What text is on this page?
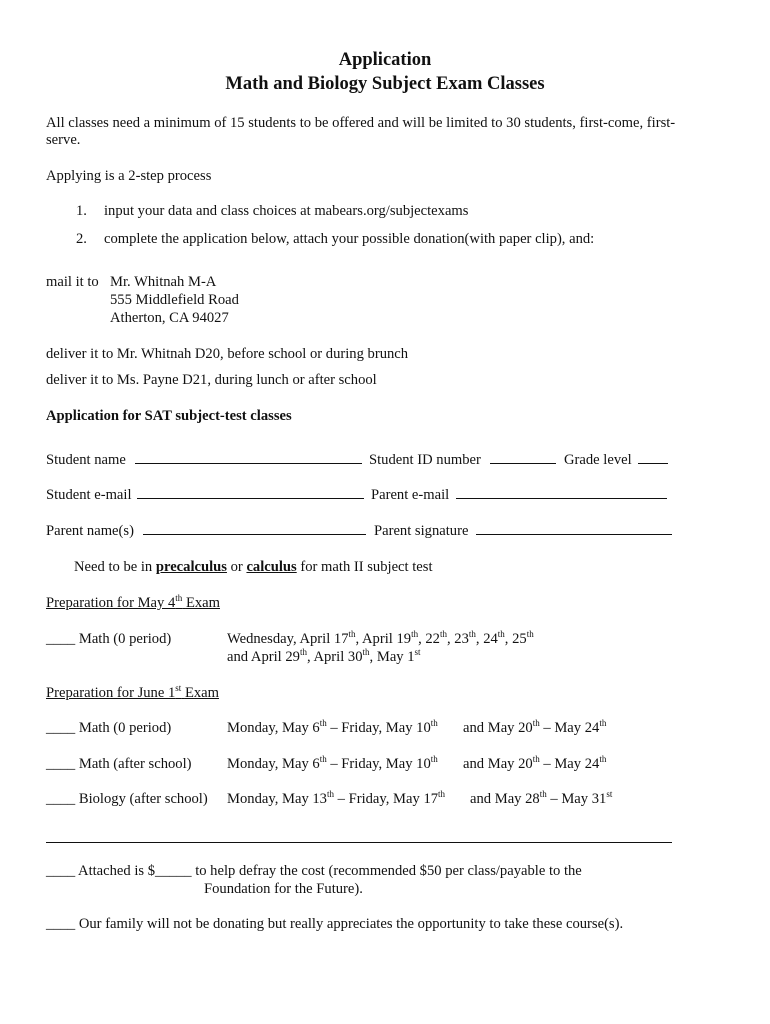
Application
Math and Biology Subject Exam Classes
All classes need a minimum of 15 students to be offered and will be limited to 30 students, first-come, first-
serve.
Applying is a 2-step process
1. input your data and class choices at mabears.org/subjectexams
2. complete the application below, attach your possible donation(with paper clip), and:
mail it to Mr. Whitnah M-A
555 Middlefield Road
Atherton, CA 94027
deliver it to Mr. Whitnah D20, before school or during brunch
deliver it to Ms. Payne D21, during lunch or after school
Application for SAT subject-test classes
Student name	Student ID number	Grade level
Student e-mail	Parent e-mail
Parent name(s)	Parent signature
Need to be in precalculus or calculus for math II subject test
Preparation for May 4th Exam
____ Math (0 period)	Wednesday, April 17th, April 19th, 22th, 23th, 24th, 25th
and April 29th, April 30th, May 1st
Preparation for June 1st Exam
____ Math (0 period)	Monday, May 6th – Friday, May 10th and May 20th – May 24th
____ Math (after school) Monday, May 6th – Friday, May 10th and May 20th – May 24th
____ Biology (after school) Monday, May 13th – Friday, May 17th and May 28th – May 31st
____ Attached is $_____ to help defray the cost (recommended $50 per class/payable to the
Foundation for the Future).
____ Our family will not be donating but really appreciates the opportunity to take these course(s).
